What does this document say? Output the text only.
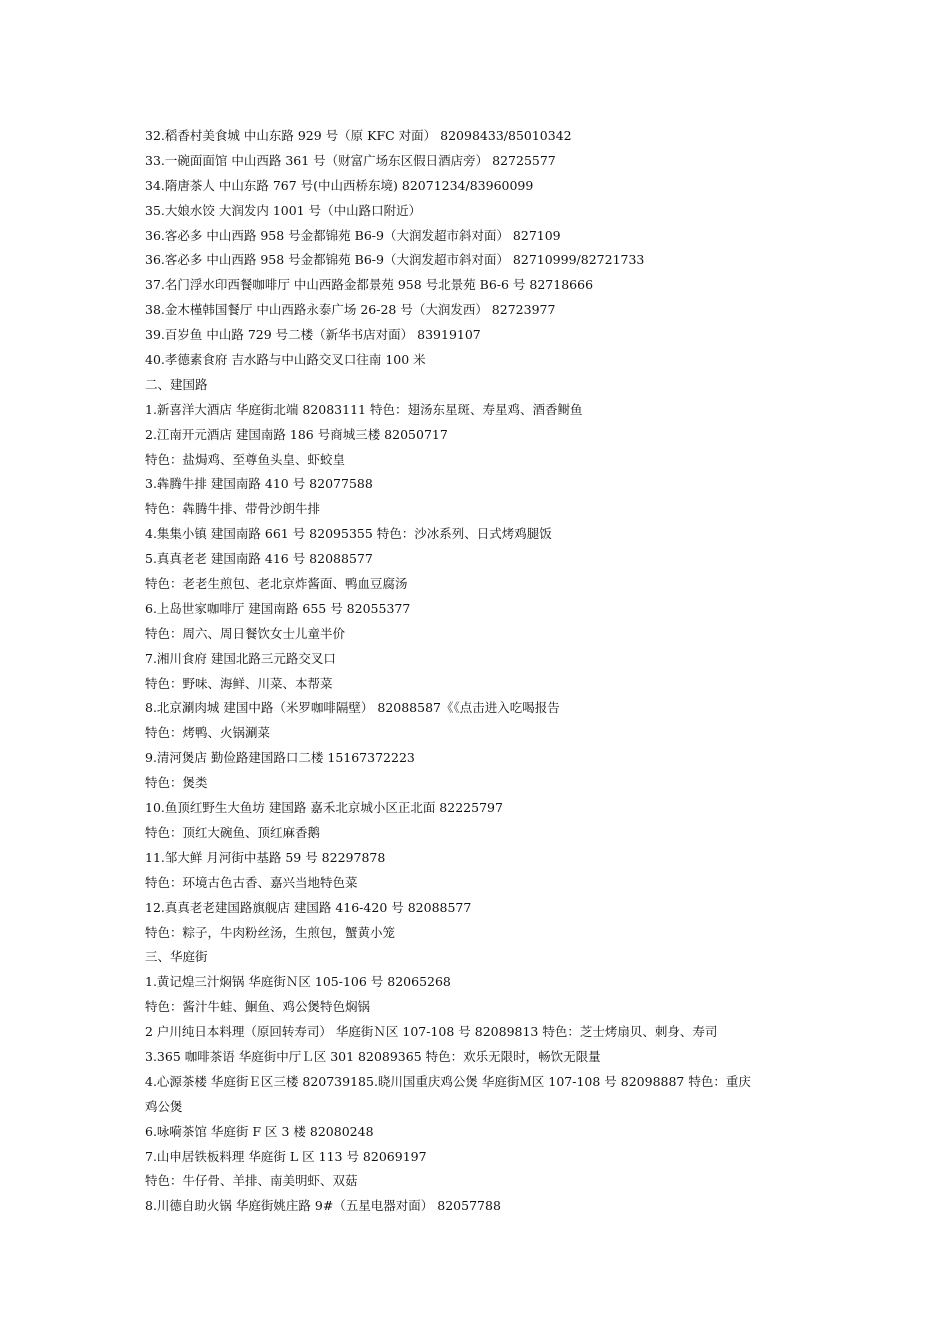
32.稻香村美食城 中山东路 929 号（原 KFC 对面） 82098433/85010342
33.一碗面面馆 中山西路 361 号（财富广场东区假日酒店旁） 82725577
34.隋唐茶人 中山东路 767 号(中山西桥东境) 82071234/83960099
35.大娘水饺 大润发内 1001 号（中山路口附近）
36.客必多 中山西路 958 号金都锦苑 B6-9（大润发超市斜对面） 827109
36.客必多 中山西路 958 号金都锦苑 B6-9（大润发超市斜对面） 82710999/82721733
37.名门浮水印西餐咖啡厅 中山西路金都景苑 958 号北景苑 B6-6 号 82718666
38.金木槿韩国餐厅 中山西路永泰广场 26-28 号（大润发西） 82723977
39.百岁鱼 中山路 729 号二楼（新华书店对面） 83919107
40.孝德素食府 吉水路与中山路交叉口往南 100 米
二、建国路
1.新喜洋大酒店 华庭街北端 82083111 特色：翅汤东星斑、寿星鸡、酒香鲥鱼
2.江南开元酒店 建国南路 186 号商城三楼 82050717
特色：盐焗鸡、至尊鱼头皇、虾蛟皇
3.犇腾牛排 建国南路 410 号 82077588
特色：犇腾牛排、带骨沙朗牛排
4.集集小镇 建国南路 661 号 82095355 特色：沙冰系列、日式烤鸡腿饭
5.真真老老 建国南路 416 号 82088577
特色：老老生煎包、老北京炸酱面、鸭血豆腐汤
6.上岛世家咖啡厅 建国南路 655 号 82055377
特色：周六、周日餐饮女士儿童半价
7.湘川食府 建国北路三元路交叉口
特色：野味、海鲜、川菜、本帮菜
8.北京涮肉城 建国中路（米罗咖啡隔壁） 82088587《《点击进入吃喝报告
特色：烤鸭、火锅涮菜
9.清河煲店 勤俭路建国路口二楼 15167372223
特色：煲类
10.鱼顶红野生大鱼坊 建国路 嘉禾北京城小区正北面 82225797
特色：顶红大碗鱼、顶红麻香鹅
11.邹大鲜 月河街中基路 59 号 82297878
特色：环境古色古香、嘉兴当地特色菜
12.真真老老建国路旗舰店 建国路 416-420 号 82088577
特色：粽子，牛肉粉丝汤，生煎包，蟹黄小笼
三、华庭街
1.黄记煌三汁焖锅 华庭街Ｎ区 105-106 号 82065268
特色：酱汁牛蛙、鮰鱼、鸡公煲特色焖锅
2 户川纯日本料理（原回转寿司） 华庭街Ｎ区 107-108 号 82089813 特色：芝士烤扇贝、刺身、寿司
3.365 咖啡茶语 华庭街中厅Ｌ区 301 82089365 特色：欢乐无限时，畅饮无限量
4.心源茶楼 华庭街Ｅ区三楼 820739185.晓川国重庆鸡公煲 华庭街Ｍ区 107-108 号 82098887 特色：重庆
鸡公煲
6.咏嗬茶馆 华庭街 F 区 3 楼 82080248
7.山申居铁板料理 华庭街 L 区 113 号 82069197
特色：牛仔骨、羊排、南美明虾、双菇
8.川德自助火锅 华庭街姚庄路 9#（五星电器对面） 82057788
